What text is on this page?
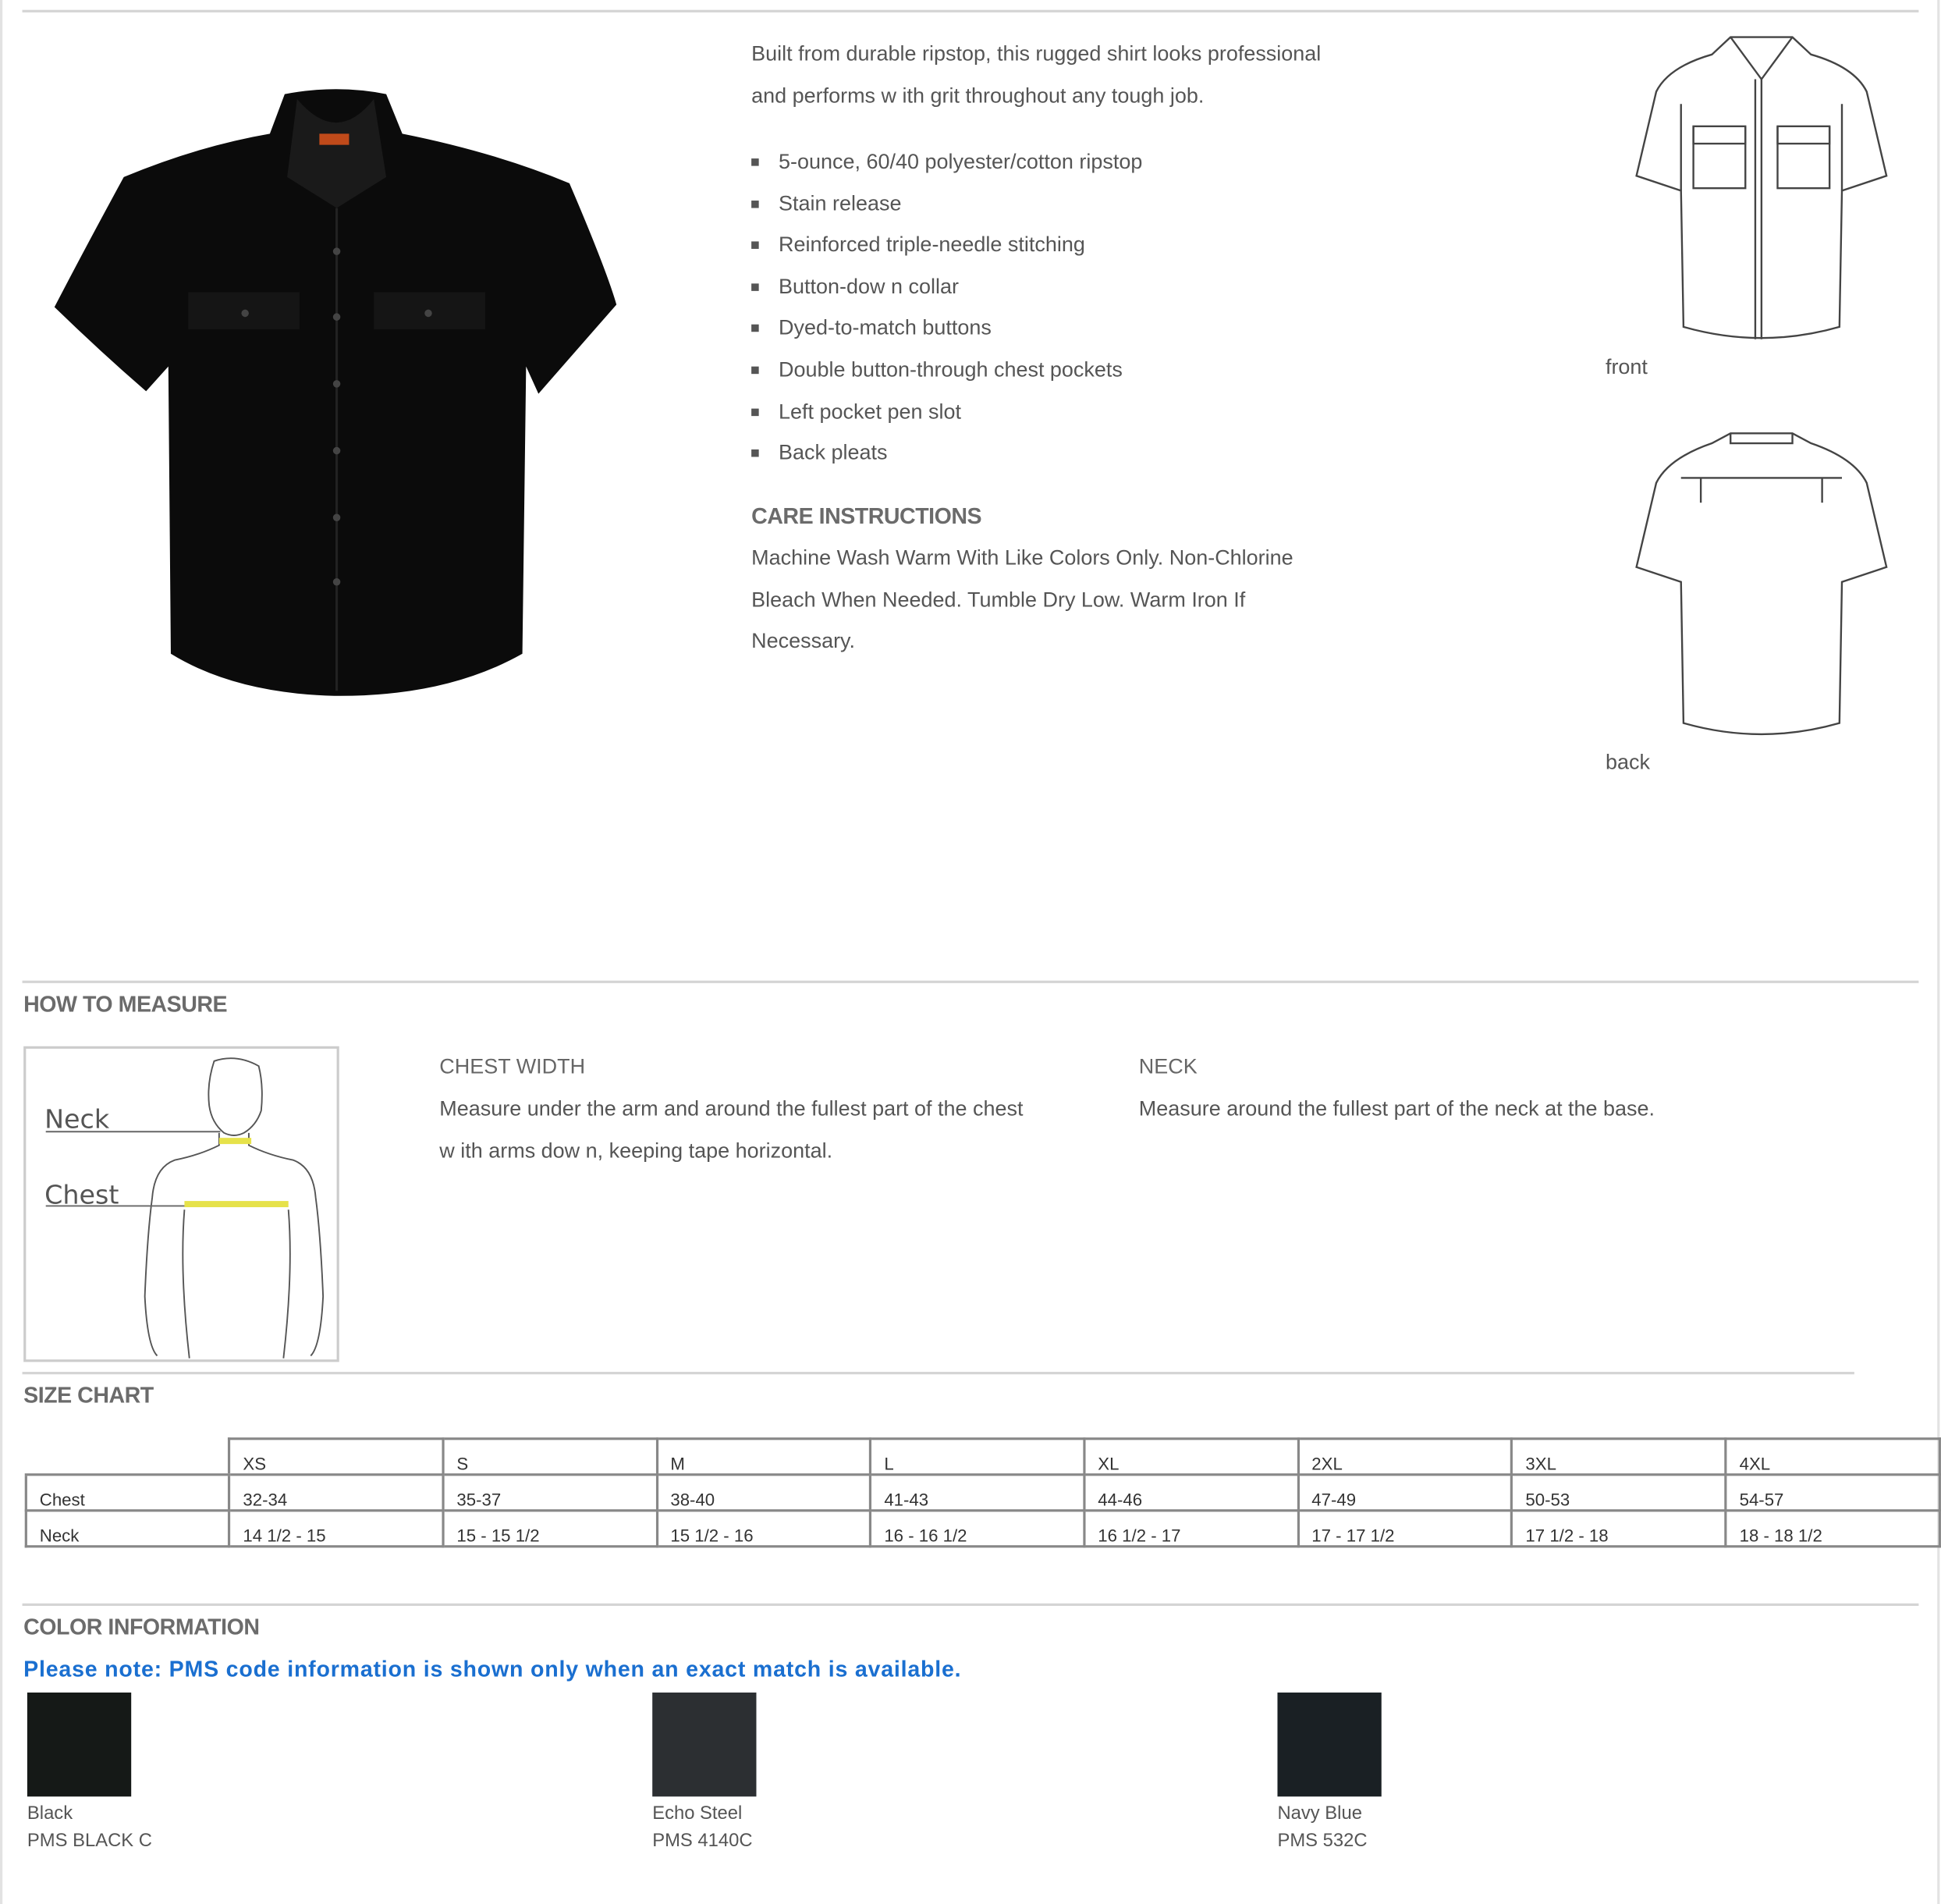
Built from durable ripstop, this rugged shirt looks professional
and performs w ith grit throughout any tough job.
5-ounce, 60/40 polyester/cotton ripstop
Stain release
Reinforced triple-needle stitching
Button-dow n collar
Dyed-to-match buttons
Double button-through chest pockets
Left pocket pen slot
Back pleats
CARE INSTRUCTIONS
Machine Wash Warm With Like Colors Only. Non-Chlorine
Bleach When Needed. Tumble Dry Low. Warm Iron If
Necessary.
front
back
HOW TO MEASURE
Neck
Chest
CHEST WIDTH
Measure under the arm and around the fullest part of the chest
w ith arms dow n, keeping tape horizontal.
NECK
Measure around the fullest part of the neck at the base.
SIZE CHART
	XS	S	M	L	XL	2XL	3XL	4XL
Chest	32-34	35-37	38-40	41-43	44-46	47-49	50-53	54-57
Neck	14 1/2 - 15	15 - 15 1/2	15 1/2 - 16	16 - 16 1/2	16 1/2 - 17	17 - 17 1/2	17 1/2 - 18	18 - 18 1/2
COLOR INFORMATION
Please note: PMS code information is shown only when an exact match is available.
Black
PMS BLACK C
Echo Steel
PMS 4140C
Navy Blue
PMS 532C
